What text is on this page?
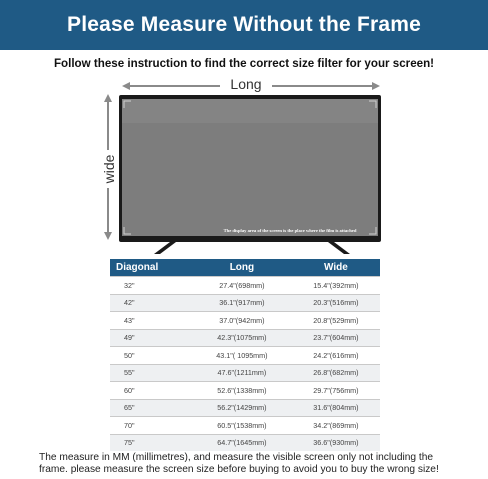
Please Measure Without the Frame
Follow these instruction to find the correct size filter for your screen!
Long
wide
The display area of the screen is the place where the film is attached
Diagonal	Long	Wide
32"	27.4"(698mm)	15.4"(392mm)
42"	36.1"(917mm)	20.3"(516mm)
43"	37.0"(942mm)	20.8"(529mm)
49"	42.3"(1075mm)	23.7"(604mm)
50"	43.1"( 1095mm)	24.2"(616mm)
55"	47.6"(1211mm)	26.8"(682mm)
60"	52.6"(1338mm)	29.7"(756mm)
65"	56.2"(1429mm)	31.6"(804mm)
70"	60.5"(1538mm)	34.2"(869mm)
75"	64.7"(1645mm)	36.6"(930mm)
The measure in MM (millimetres), and measure the visible screen only not including the
frame. please measure the screen size before buying to avoid you to buy the wrong size!
